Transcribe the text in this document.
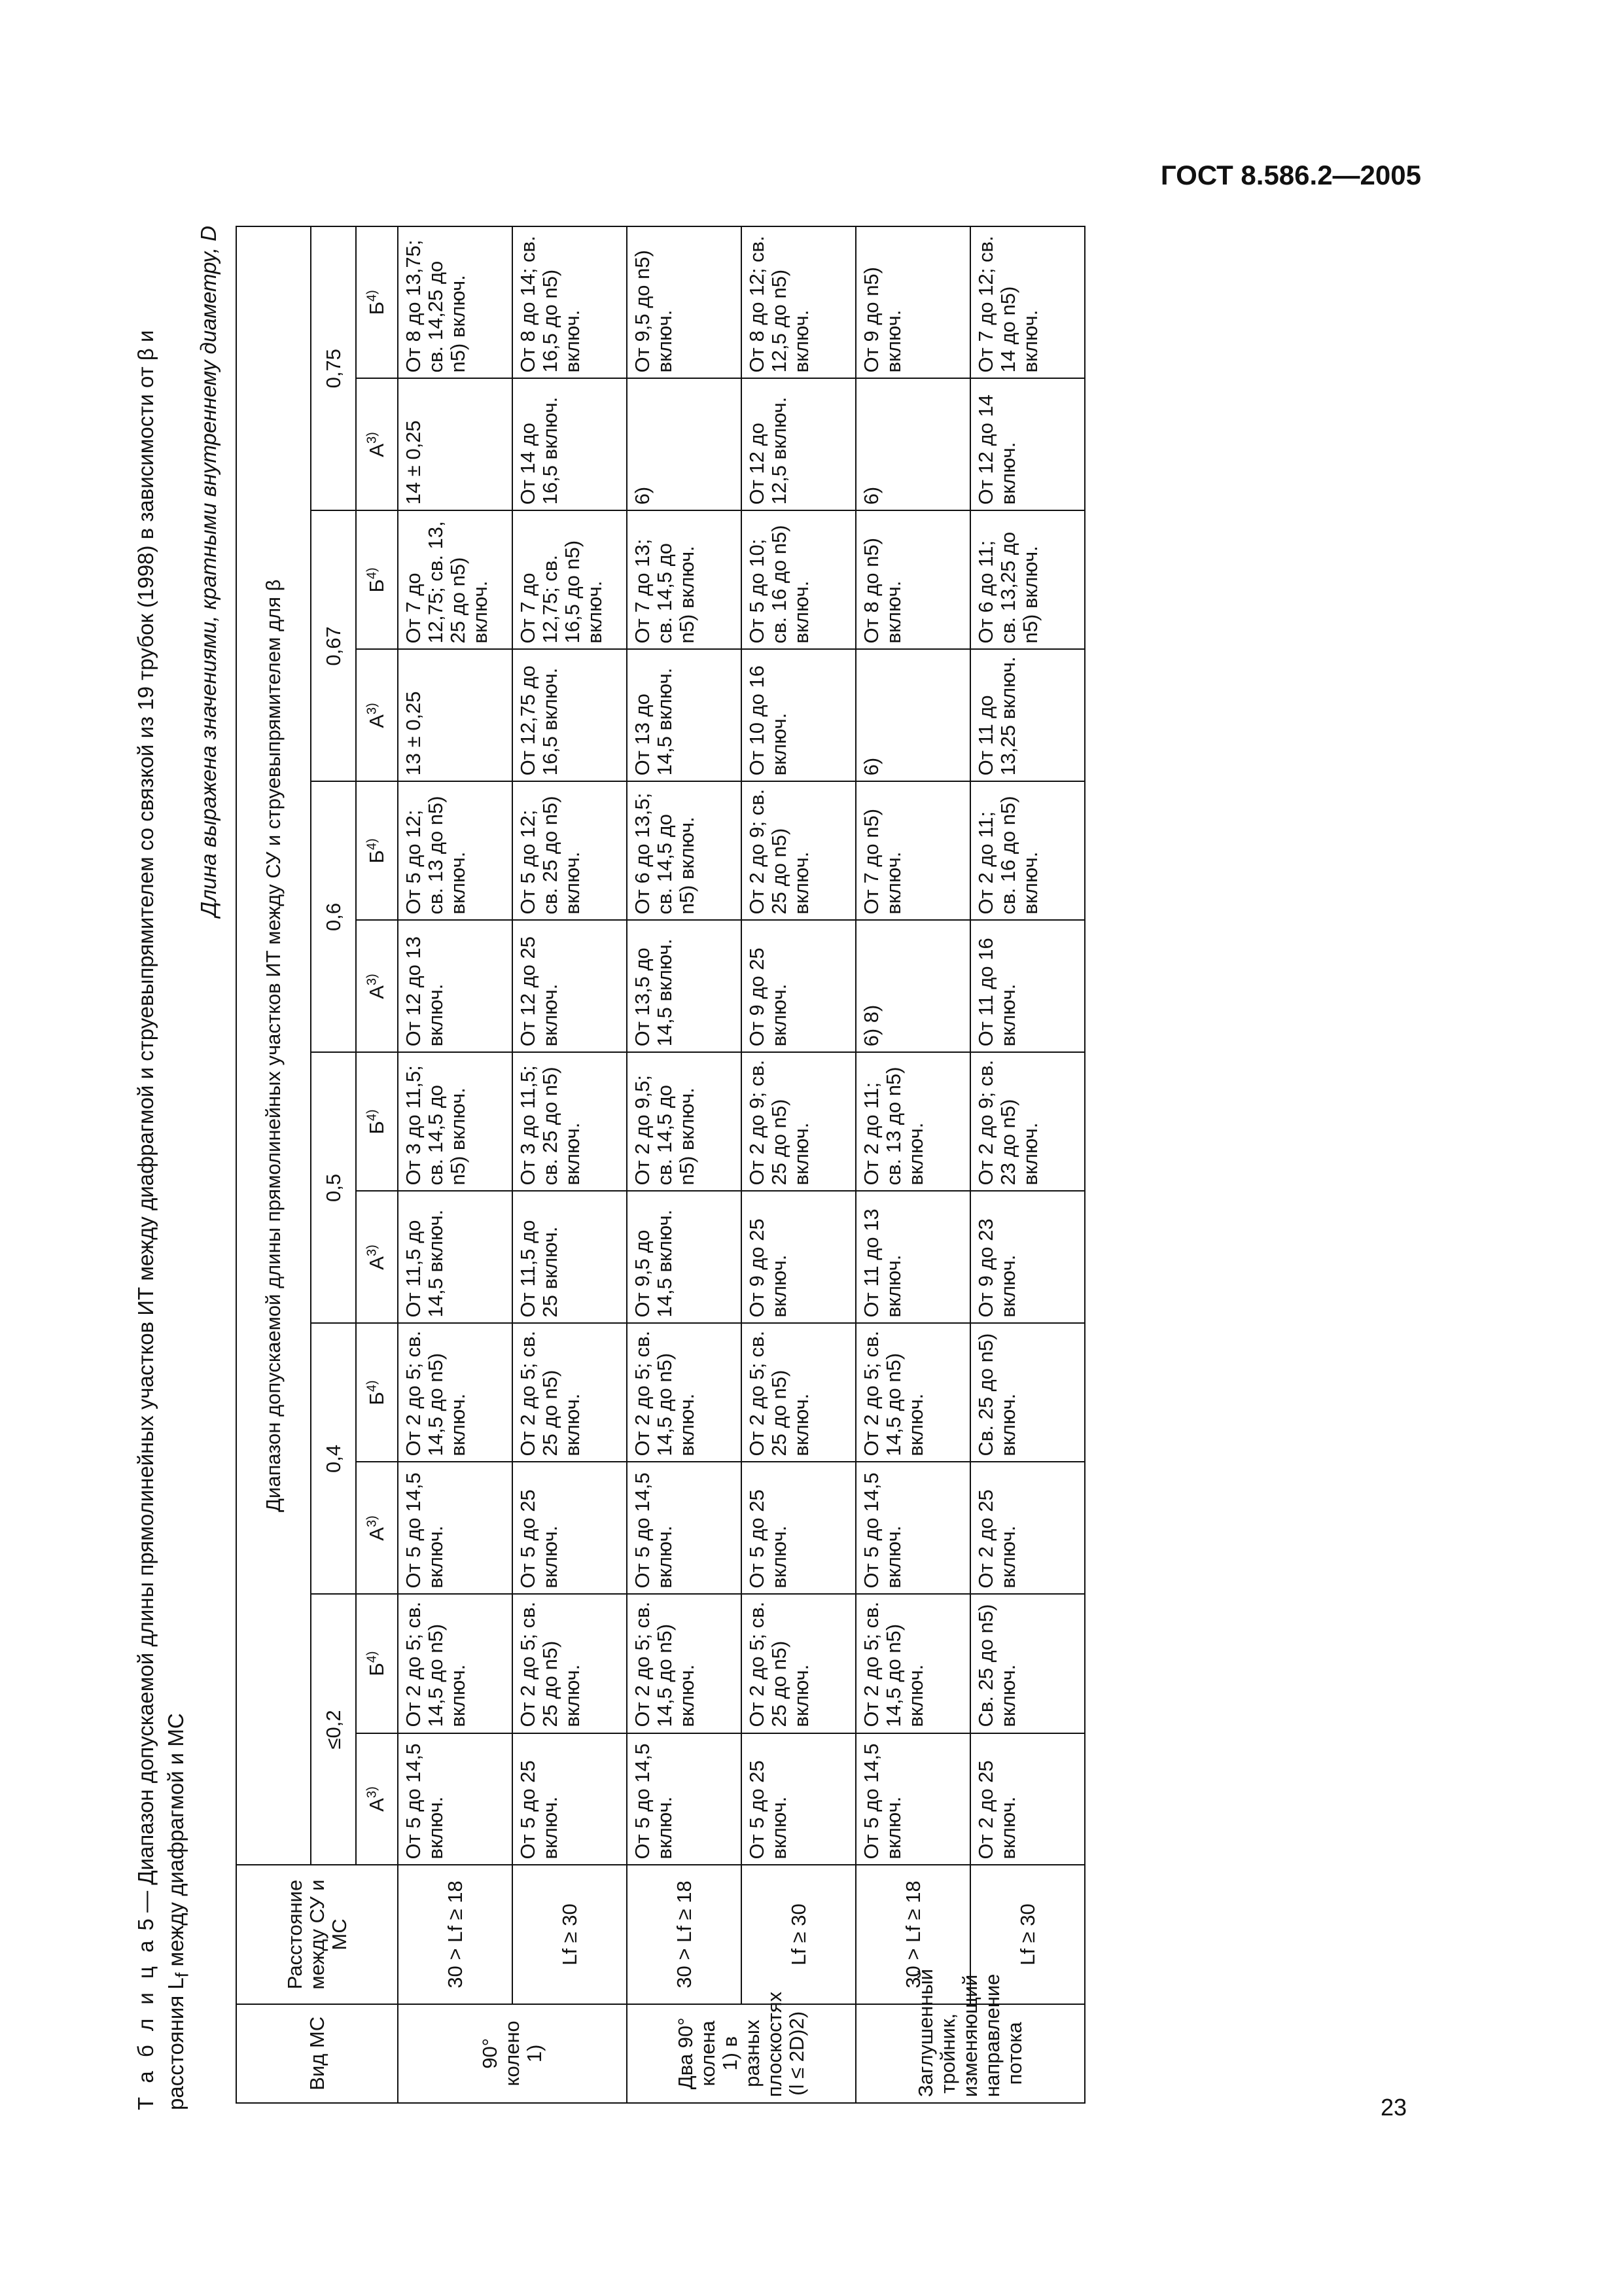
ГОСТ 8.586.2—2005
Т а б л и ц а 5 — Диапазон допускаемой длины прямолинейных участков ИТ между диафрагмой и струевыпрямителем со связкой из 19 трубок (1998) в зависимости от β и расстояния $L_f$ между диафрагмой и МС
Длина выражена значениями, кратными внутреннему диаметру, D
Вид МС	Расстояние между СУ и МС	Диапазон допускаемой длины прямолинейных участков ИТ между СУ и струевыпрямителем для β											
		≤0,2		0,4		0,5		0,6		0,67		0,75	
		$А^{3)}$	$Б^{4)}$	$А^{3)}$	$Б^{4)}$	$А^{3)}$	$Б^{4)}$	$А^{3)}$	$Б^{4)}$	$А^{3)}$	$Б^{4)}$	$А^{3)}$	$Б^{4)}$
90° колено 1)	30 > Lf ≥ 18	От 5 до 14,5 включ.	От 2 до 5; св. 14,5 до n5) включ.	От 5 до 14,5 включ.	От 2 до 5; св. 14,5 до n5) включ.	От 11,5 до 14,5 включ.	От 3 до 11,5; св. 14,5 до n5) включ.	От 12 до 13 включ.	От 5 до 12; св. 13 до n5) включ.	13 ± 0,25	От 7 до 12,75; св. 13, 25 до n5) включ.	14 ± 0,25	От 8 до 13,75; св. 14,25 до n5) включ.
	Lf ≥ 30	От 5 до 25 включ.	От 2 до 5; св. 25 до n5) включ.	От 5 до 25 включ.	От 2 до 5; св. 25 до n5) включ.	От 11,5 до 25 включ.	От 3 до 11,5; св. 25 до n5) включ.	От 12 до 25 включ.	От 5 до 12; св. 25 до n5) включ.	От 12,75 до 16,5 включ.	От 7 до 12,75; св. 16,5 до n5) включ.	От 14 до 16,5 включ.	От 8 до 14; св. 16,5 до n5) включ.
Два 90° колена 1) в разных плоскостях (l ≤ 2D)2)	30 > Lf ≥ 18	От 5 до 14,5 включ.	От 2 до 5; св. 14,5 до n5) включ.	От 5 до 14,5 включ.	От 2 до 5; св. 14,5 до n5) включ.	От 9,5 до 14,5 включ.	От 2 до 9,5; св. 14,5 до n5) включ.	От 13,5 до 14,5 включ.	От 6 до 13,5; св. 14,5 до n5) включ.	От 13 до 14,5 включ.	От 7 до 13; св. 14,5 до n5) включ.	6)	От 9,5 до n5) включ.
	Lf ≥ 30	От 5 до 25 включ.	От 2 до 5; св. 25 до n5) включ.	От 5 до 25 включ.	От 2 до 5; св. 25 до n5) включ.	От 9 до 25 включ.	От 2 до 9; св. 25 до n5) включ.	От 9 до 25 включ.	От 2 до 9; св. 25 до n5) включ.	От 10 до 16 включ.	От 5 до 10; св. 16 до n5) включ.	От 12 до 12,5 включ.	От 8 до 12; св. 12,5 до n5) включ.
Заглушенный тройник, изменяющий направление потока	30 > Lf ≥ 18	От 5 до 14,5 включ.	От 2 до 5; св. 14,5 до n5) включ.	От 5 до 14,5 включ.	От 2 до 5; св. 14,5 до n5) включ.	От 11 до 13 включ.	От 2 до 11; св. 13 до n5) включ.	6) 8)	От 7 до n5) включ.	6)	От 8 до n5) включ.	6)	От 9 до n5) включ.
	Lf ≥ 30	От 2 до 25 включ.	Св. 25 до n5) включ.	От 2 до 25 включ.	Св. 25 до n5) включ.	От 9 до 23 включ.	От 2 до 9; св. 23 до n5) включ.	От 11 до 16 включ.	От 2 до 11; св. 16 до n5) включ.	От 11 до 13,25 включ.	От 6 до 11; св. 13,25 до n5) включ.	От 12 до 14 включ.	От 7 до 12; св. 14 до n5) включ.
23
